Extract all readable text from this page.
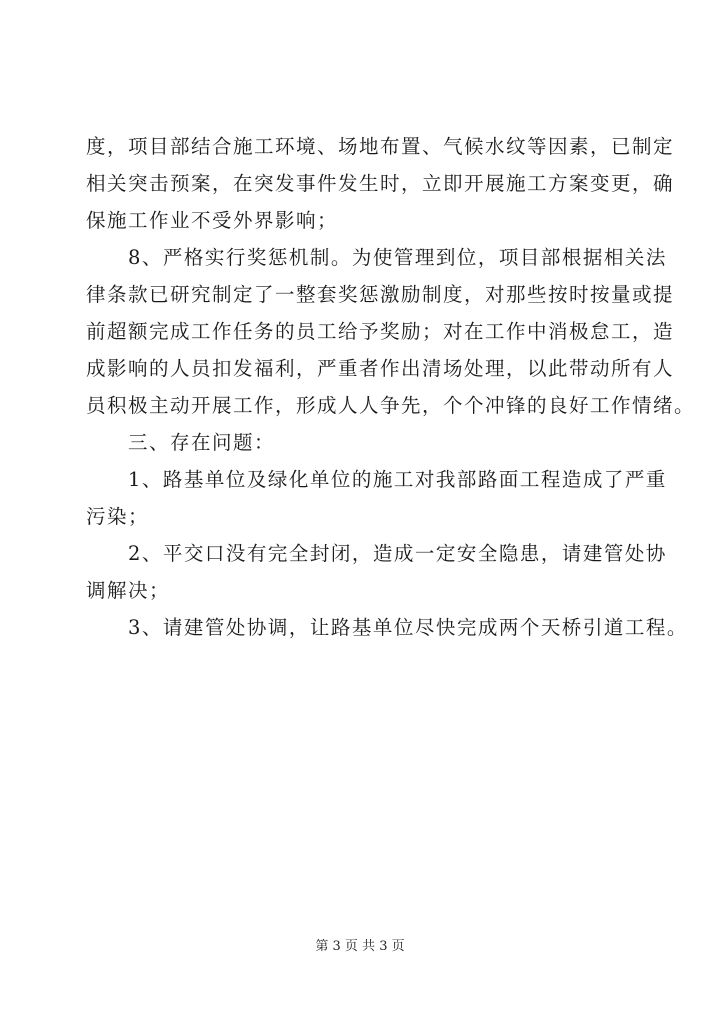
度，项目部结合施工环境、场地布置、气候水纹等因素，已制定
相关突击预案，在突发事件发生时，立即开展施工方案变更，确
保施工作业不受外界影响；
　　8、严格实行奖惩机制。为使管理到位，项目部根据相关法
律条款已研究制定了一整套奖惩激励制度，对那些按时按量或提
前超额完成工作任务的员工给予奖励；对在工作中消极怠工，造
成影响的人员扣发福利，严重者作出清场处理，以此带动所有人
员积极主动开展工作，形成人人争先，个个冲锋的良好工作情绪。
　　三、存在问题：
　　1、路基单位及绿化单位的施工对我部路面工程造成了严重
污染；
　　2、平交口没有完全封闭，造成一定安全隐患，请建管处协
调解决；
　　3、请建管处协调，让路基单位尽快完成两个天桥引道工程。
第 3 页 共 3 页
